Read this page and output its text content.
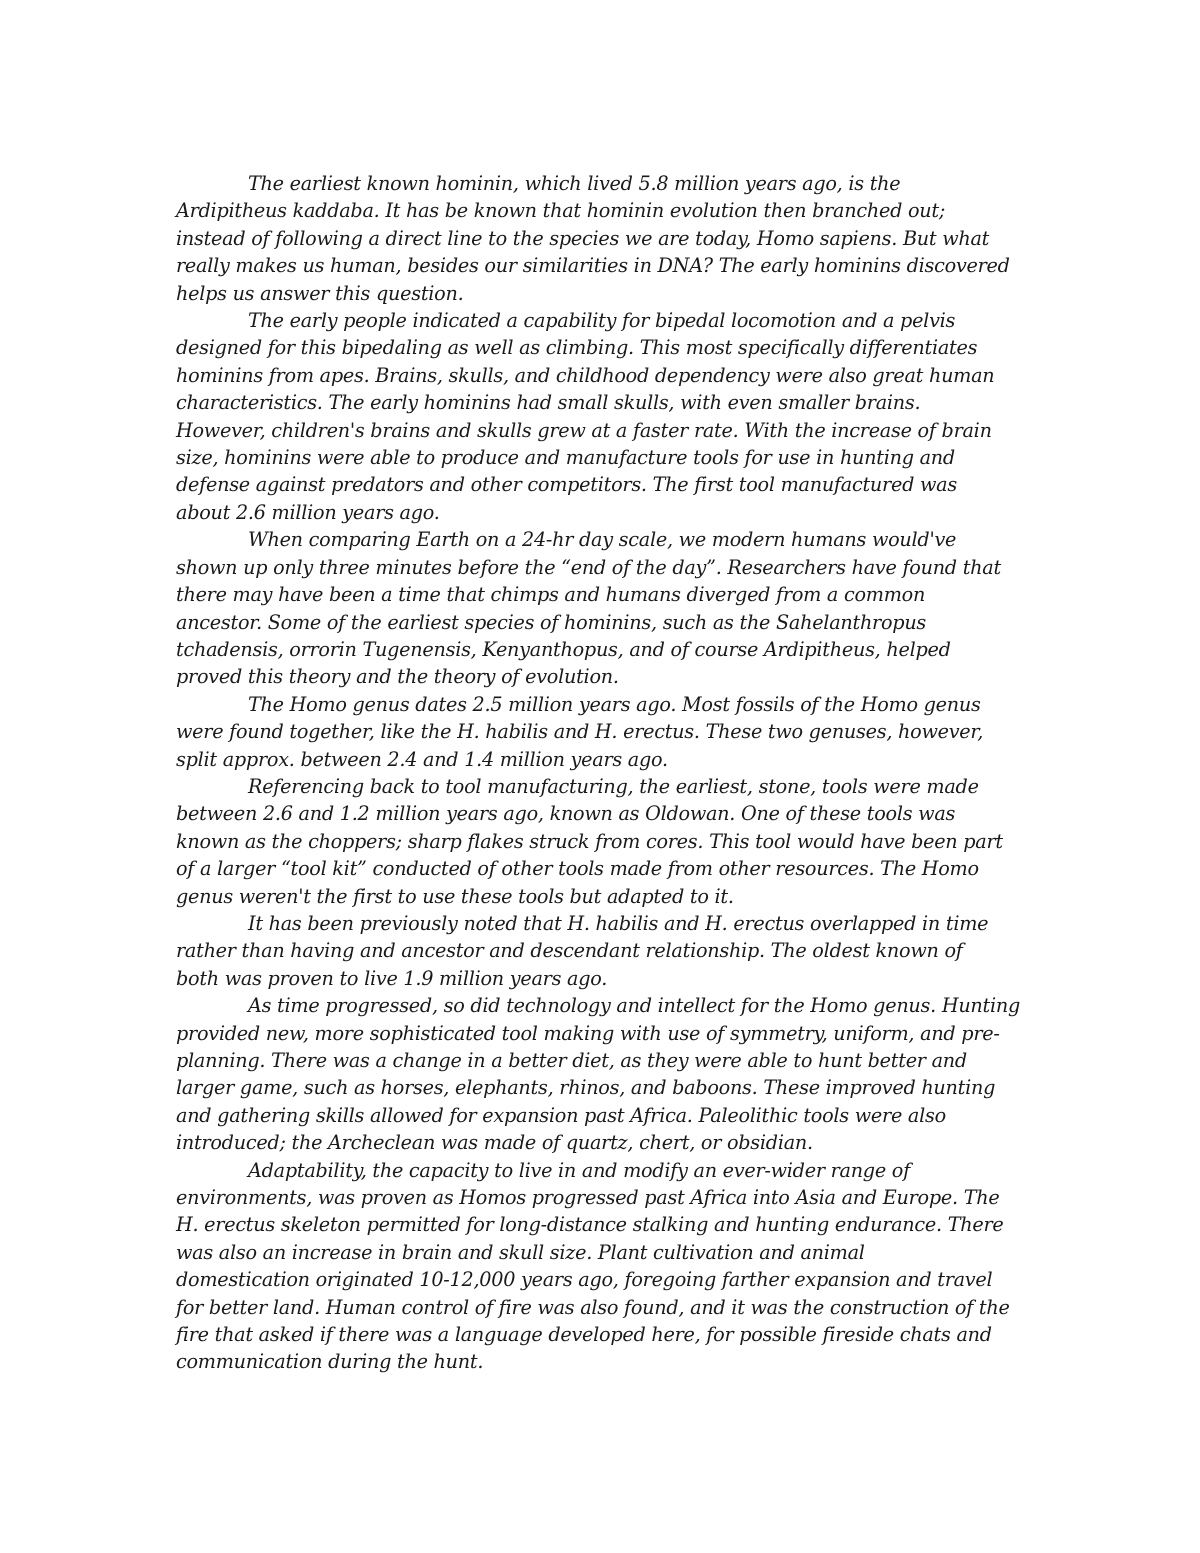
The earliest known hominin, which lived 5.8 million years ago, is the
Ardipitheus kaddaba. It has be known that hominin evolution then branched out;
instead of following a direct line to the species we are today, Homo sapiens. But what
really makes us human, besides our similarities in DNA? The early hominins discovered
helps us answer this question.
The early people indicated a capability for bipedal locomotion and a pelvis
designed for this bipedaling as well as climbing. This most specifically differentiates
hominins from apes. Brains, skulls, and childhood dependency were also great human
characteristics. The early hominins had small skulls, with even smaller brains.
However, children's brains and skulls grew at a faster rate. With the increase of brain
size, hominins were able to produce and manufacture tools for use in hunting and
defense against predators and other competitors. The first tool manufactured was
about 2.6 million years ago.
When comparing Earth on a 24-hr day scale, we modern humans would've
shown up only three minutes before the “end of the day”. Researchers have found that
there may have been a time that chimps and humans diverged from a common
ancestor. Some of the earliest species of hominins, such as the Sahelanthropus
tchadensis, orrorin Tugenensis, Kenyanthopus, and of course Ardipitheus, helped
proved this theory and the theory of evolution.
The Homo genus dates 2.5 million years ago. Most fossils of the Homo genus
were found together, like the H. habilis and H. erectus. These two genuses, however,
split approx. between 2.4 and 1.4 million years ago.
Referencing back to tool manufacturing, the earliest, stone, tools were made
between 2.6 and 1.2 million years ago, known as Oldowan. One of these tools was
known as the choppers; sharp flakes struck from cores. This tool would have been part
of a larger “tool kit” conducted of other tools made from other resources. The Homo
genus weren't the first to use these tools but adapted to it.
It has been previously noted that H. habilis and H. erectus overlapped in time
rather than having and ancestor and descendant relationship. The oldest known of
both was proven to live 1.9 million years ago.
As time progressed, so did technology and intellect for the Homo genus. Hunting
provided new, more sophisticated tool making with use of symmetry, uniform, and pre-
planning. There was a change in a better diet, as they were able to hunt better and
larger game, such as horses, elephants, rhinos, and baboons. These improved hunting
and gathering skills allowed for expansion past Africa. Paleolithic tools were also
introduced; the Archeclean was made of quartz, chert, or obsidian.
Adaptability, the capacity to live in and modify an ever-wider range of
environments, was proven as Homos progressed past Africa into Asia and Europe. The
H. erectus skeleton permitted for long-distance stalking and hunting endurance. There
was also an increase in brain and skull size. Plant cultivation and animal
domestication originated 10-12,000 years ago, foregoing farther expansion and travel
for better land. Human control of fire was also found, and it was the construction of the
fire that asked if there was a language developed here, for possible fireside chats and
communication during the hunt.
